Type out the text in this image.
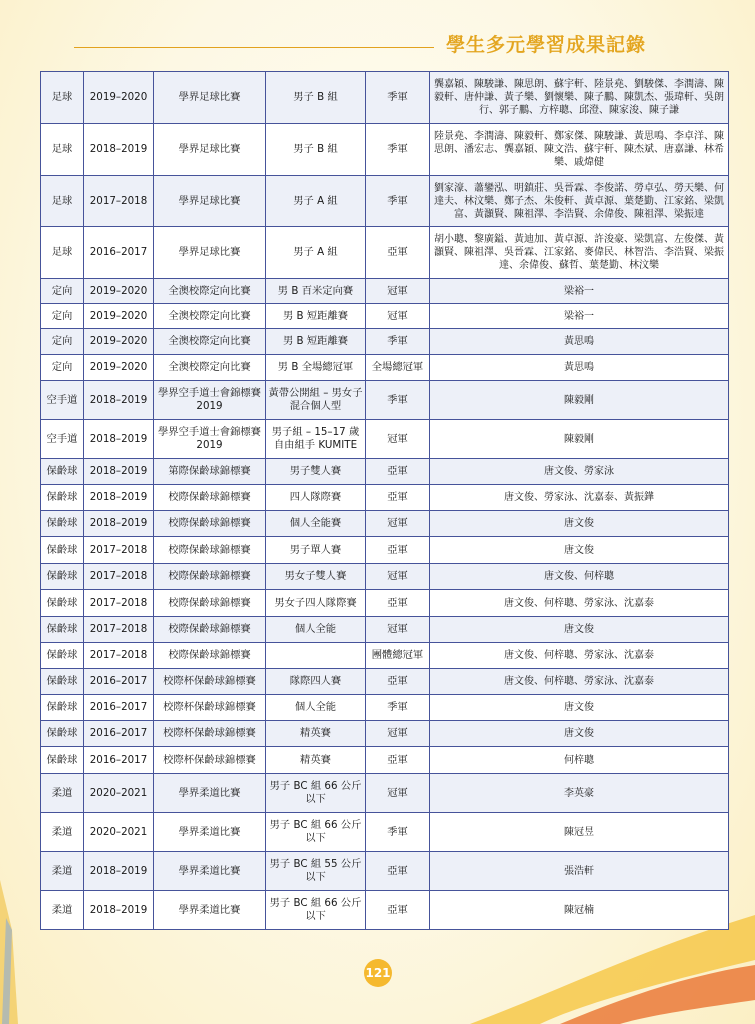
學生多元學習成果記錄
足球	2019–2020	學界足球比賽	男子 B 組	季軍	龔嘉穎、陳駿謙、陳思朗、蘇宇軒、陸景堯、劉駿傑、李潤濤、陳毅軒、唐仲謙、黃子樂、劉懷樂、陳子鵬、陳凱杰、張瑋軒、吳朗行、郭子鵬、方梓聰、邱澄、陳家浚、陳子謙
足球	2018–2019	學界足球比賽	男子 B 組	季軍	陸景堯、李潤濤、陳毅軒、鄭家傑、陳駿謙、黃思鳴、李卓洋、陳思朗、潘宏志、龔嘉穎、陳文浩、蘇宇軒、陳杰斌、唐嘉謙、林希樂、戚煒健
足球	2017–2018	學界足球比賽	男子 A 組	季軍	劉家濠、蕭鑾泓、明鎮莊、吳晉霖、李俊諾、勞卓弘、勞天樂、何達夫、林汶樂、鄭子杰、朱俊軒、黃卓源、葉楚勤、江家銘、梁凱富、黃灝賢、陳祖澤、李浩賢、余偉俊、陳祖澤、梁振達
足球	2016–2017	學界足球比賽	男子 A 組	亞軍	胡小聰、黎廣鎰、黃迪加、黃卓源、許浚豪、梁凱富、左俊傑、黃灝賢、陳祖澤、吳晉霖、江家銘、麥偉民、林智浩、李浩賢、梁振達、余偉俊、蘇哲、葉楚勤、林汶樂
定向	2019–2020	全澳校際定向比賽	男 B 百米定向賽	冠軍	梁裕一
定向	2019–2020	全澳校際定向比賽	男 B 短距離賽	冠軍	梁裕一
定向	2019–2020	全澳校際定向比賽	男 B 短距離賽	季軍	黃思鳴
定向	2019–2020	全澳校際定向比賽	男 B 全場總冠軍	全場總冠軍	黃思鳴
空手道	2018–2019	學界空手道士會錦標賽 2019	黃帶公開組 – 男女子混合個人型	季軍	陳毅剛
空手道	2018–2019	學界空手道士會錦標賽 2019	男子組 – 15–17 歲自由組手 KUMITE	冠軍	陳毅剛
保齡球	2018–2019	第際保齡球錦標賽	男子雙人賽	亞軍	唐文俊、勞家泳
保齡球	2018–2019	校際保齡球錦標賽	四人隊際賽	亞軍	唐文俊、勞家泳、沈嘉泰、黃振鏵
保齡球	2018–2019	校際保齡球錦標賽	個人全能賽	冠軍	唐文俊
保齡球	2017–2018	校際保齡球錦標賽	男子單人賽	亞軍	唐文俊
保齡球	2017–2018	校際保齡球錦標賽	男女子雙人賽	冠軍	唐文俊、何梓聰
保齡球	2017–2018	校際保齡球錦標賽	男女子四人隊際賽	亞軍	唐文俊、何梓聰、勞家泳、沈嘉泰
保齡球	2017–2018	校際保齡球錦標賽	個人全能	冠軍	唐文俊
保齡球	2017–2018	校際保齡球錦標賽		團體總冠軍	唐文俊、何梓聰、勞家泳、沈嘉泰
保齡球	2016–2017	校際杯保齡球錦標賽	隊際四人賽	亞軍	唐文俊、何梓聰、勞家泳、沈嘉泰
保齡球	2016–2017	校際杯保齡球錦標賽	個人全能	季軍	唐文俊
保齡球	2016–2017	校際杯保齡球錦標賽	精英賽	冠軍	唐文俊
保齡球	2016–2017	校際杯保齡球錦標賽	精英賽	亞軍	何梓聰
柔道	2020–2021	學界柔道比賽	男子 BC 組 66 公斤以下	冠軍	李英豪
柔道	2020–2021	學界柔道比賽	男子 BC 組 66 公斤以下	季軍	陳冠昱
柔道	2018–2019	學界柔道比賽	男子 BC 組 55 公斤以下	亞軍	張浩軒
柔道	2018–2019	學界柔道比賽	男子 BC 組 66 公斤以下	亞軍	陳冠楠
121
